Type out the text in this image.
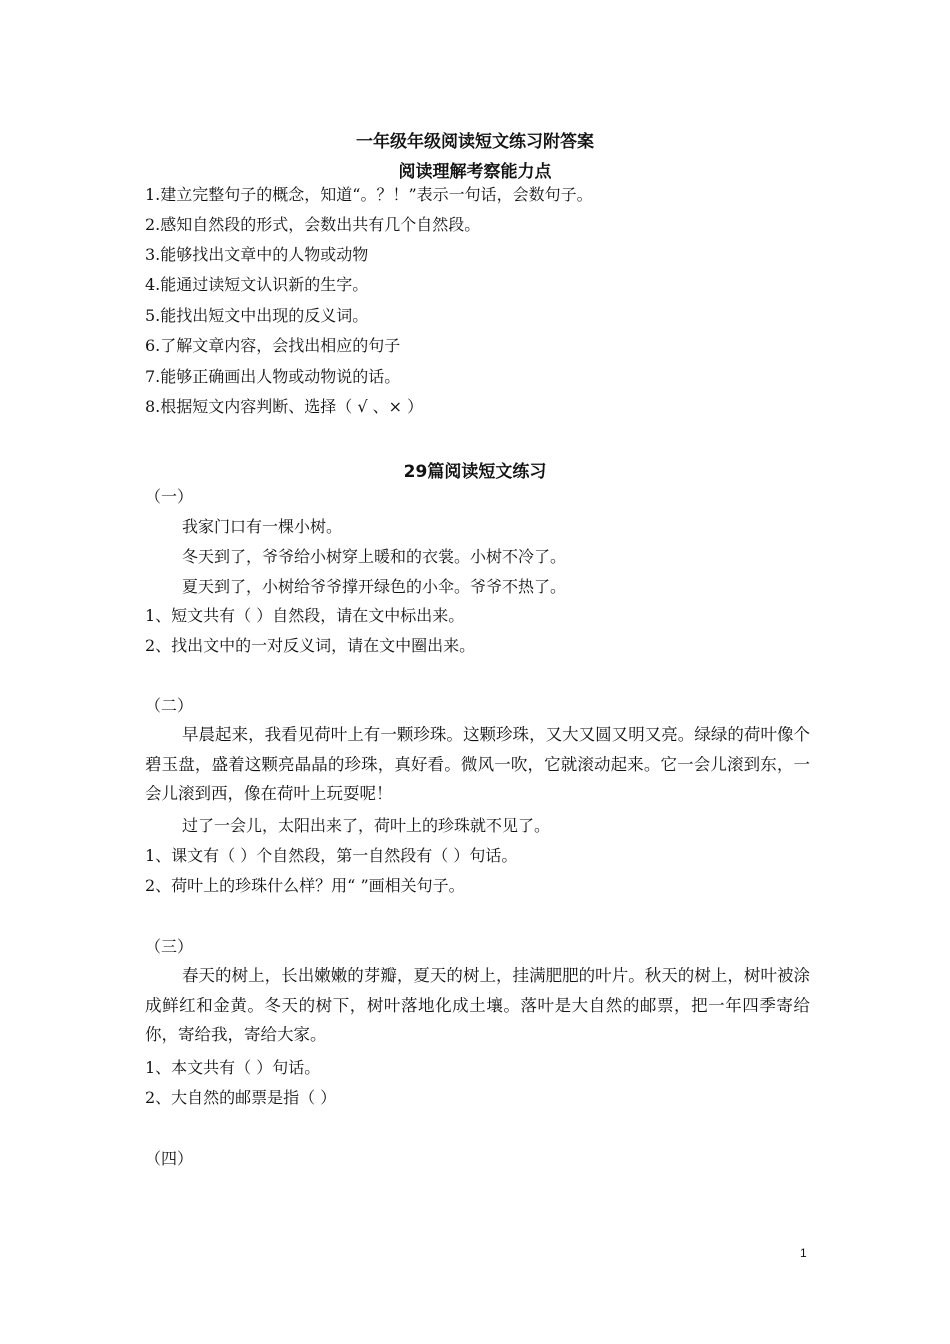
一年级年级阅读短文练习附答案
阅读理解考察能力点
1.建立完整句子的概念，知道“。？！”表示一句话，会数句子。
2.感知自然段的形式，会数出共有几个自然段。
3.能够找出文章中的人物或动物
4.能通过读短文认识新的生字。
5.能找出短文中出现的反义词。
6.了解文章内容，会找出相应的句子
7.能够正确画出人物或动物说的话。
8.根据短文内容判断、选择（ √ 、× ）
29篇阅读短文练习
（一）
我家门口有一棵小树。
冬天到了，爷爷给小树穿上暖和的衣裳。小树不冷了。
夏天到了，小树给爷爷撑开绿色的小伞。爷爷不热了。
1、短文共有（ ）自然段，请在文中标出来。
2、找出文中的一对反义词，请在文中圈出来。
（二）
早晨起来，我看见荷叶上有一颗珍珠。这颗珍珠，又大又圆又明又亮。绿绿的荷叶像个碧玉盘，盛着这颗亮晶晶的珍珠，真好看。微风一吹，它就滚动起来。它一会儿滚到东，一会儿滚到西，像在荷叶上玩耍呢！
过了一会儿，太阳出来了，荷叶上的珍珠就不见了。
1、课文有（ ）个自然段，第一自然段有（ ）句话。
2、荷叶上的珍珠什么样？用“ ”画相关句子。
（三）
春天的树上，长出嫩嫩的芽瓣，夏天的树上，挂满肥肥的叶片。秋天的树上，树叶被涂成鲜红和金黄。冬天的树下，树叶落地化成土壤。落叶是大自然的邮票，把一年四季寄给你，寄给我，寄给大家。
1、本文共有（ ）句话。
2、大自然的邮票是指（ ）
（四）
1
